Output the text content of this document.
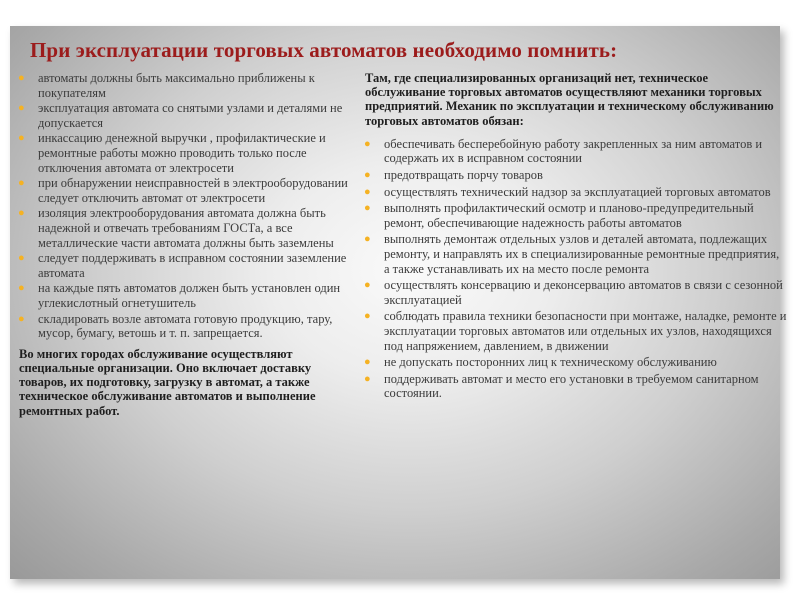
При эксплуатации торговых автоматов необходимо помнить:
● автоматы должны быть максимально приближены к покупателям
● эксплуатация автомата со снятыми узлами и деталями не допускается
● инкассацию денежной выручки , профилактические и ремонтные работы можно проводить только после отключения автомата от электросети
● при обнаружении неисправностей в электрооборудовании следует отключить автомат от электросети
● изоляция электрооборудования автомата должна быть надежной и отвечать требованиям ГОСТа, а все металлические части автомата должны быть заземлены
● следует поддерживать в исправном состоянии заземление автомата
● на каждые пять автоматов должен быть установлен один углекислотный огнетушитель
● складировать возле автомата готовую продукцию, тару, мусор, бумагу, ветошь и т. п. запрещается.

Во многих городах обслуживание осуществляют специальные организации. Оно включает доставку товаров, их подготовку, загрузку в автомат, а также техническое обслуживание автоматов и выполнение ремонтных работ.

Там, где специализированных организаций нет, техническое обслуживание торговых автоматов осуществляют механики торговых предприятий. Механик по эксплуатации и техническому обслуживанию торговых автоматов обязан:

● обеспечивать бесперебойную работу закрепленных за ним автоматов и содержать их в исправном состоянии
● предотвращать порчу товаров
● осуществлять технический надзор за эксплуатацией торговых автоматов
● выполнять профилактический осмотр и планово-предупредительный ремонт, обеспечивающие надежность работы автоматов
● выполнять демонтаж отдельных узлов и деталей автомата, подлежащих ремонту, и направлять их в специализированные ремонтные предприятия, а также устанавливать их на место после ремонта
● осуществлять консервацию и деконсервацию автоматов в связи с сезонной эксплуатацией
● соблюдать правила техники безопасности при монтаже, наладке, ремонте и эксплуатации торговых автоматов или отдельных их узлов, находящихся под напряжением, давлением, в движении
● не допускать посторонних лиц к техническому обслуживанию
● поддерживать автомат и место его установки в требуемом санитарном состоянии.
